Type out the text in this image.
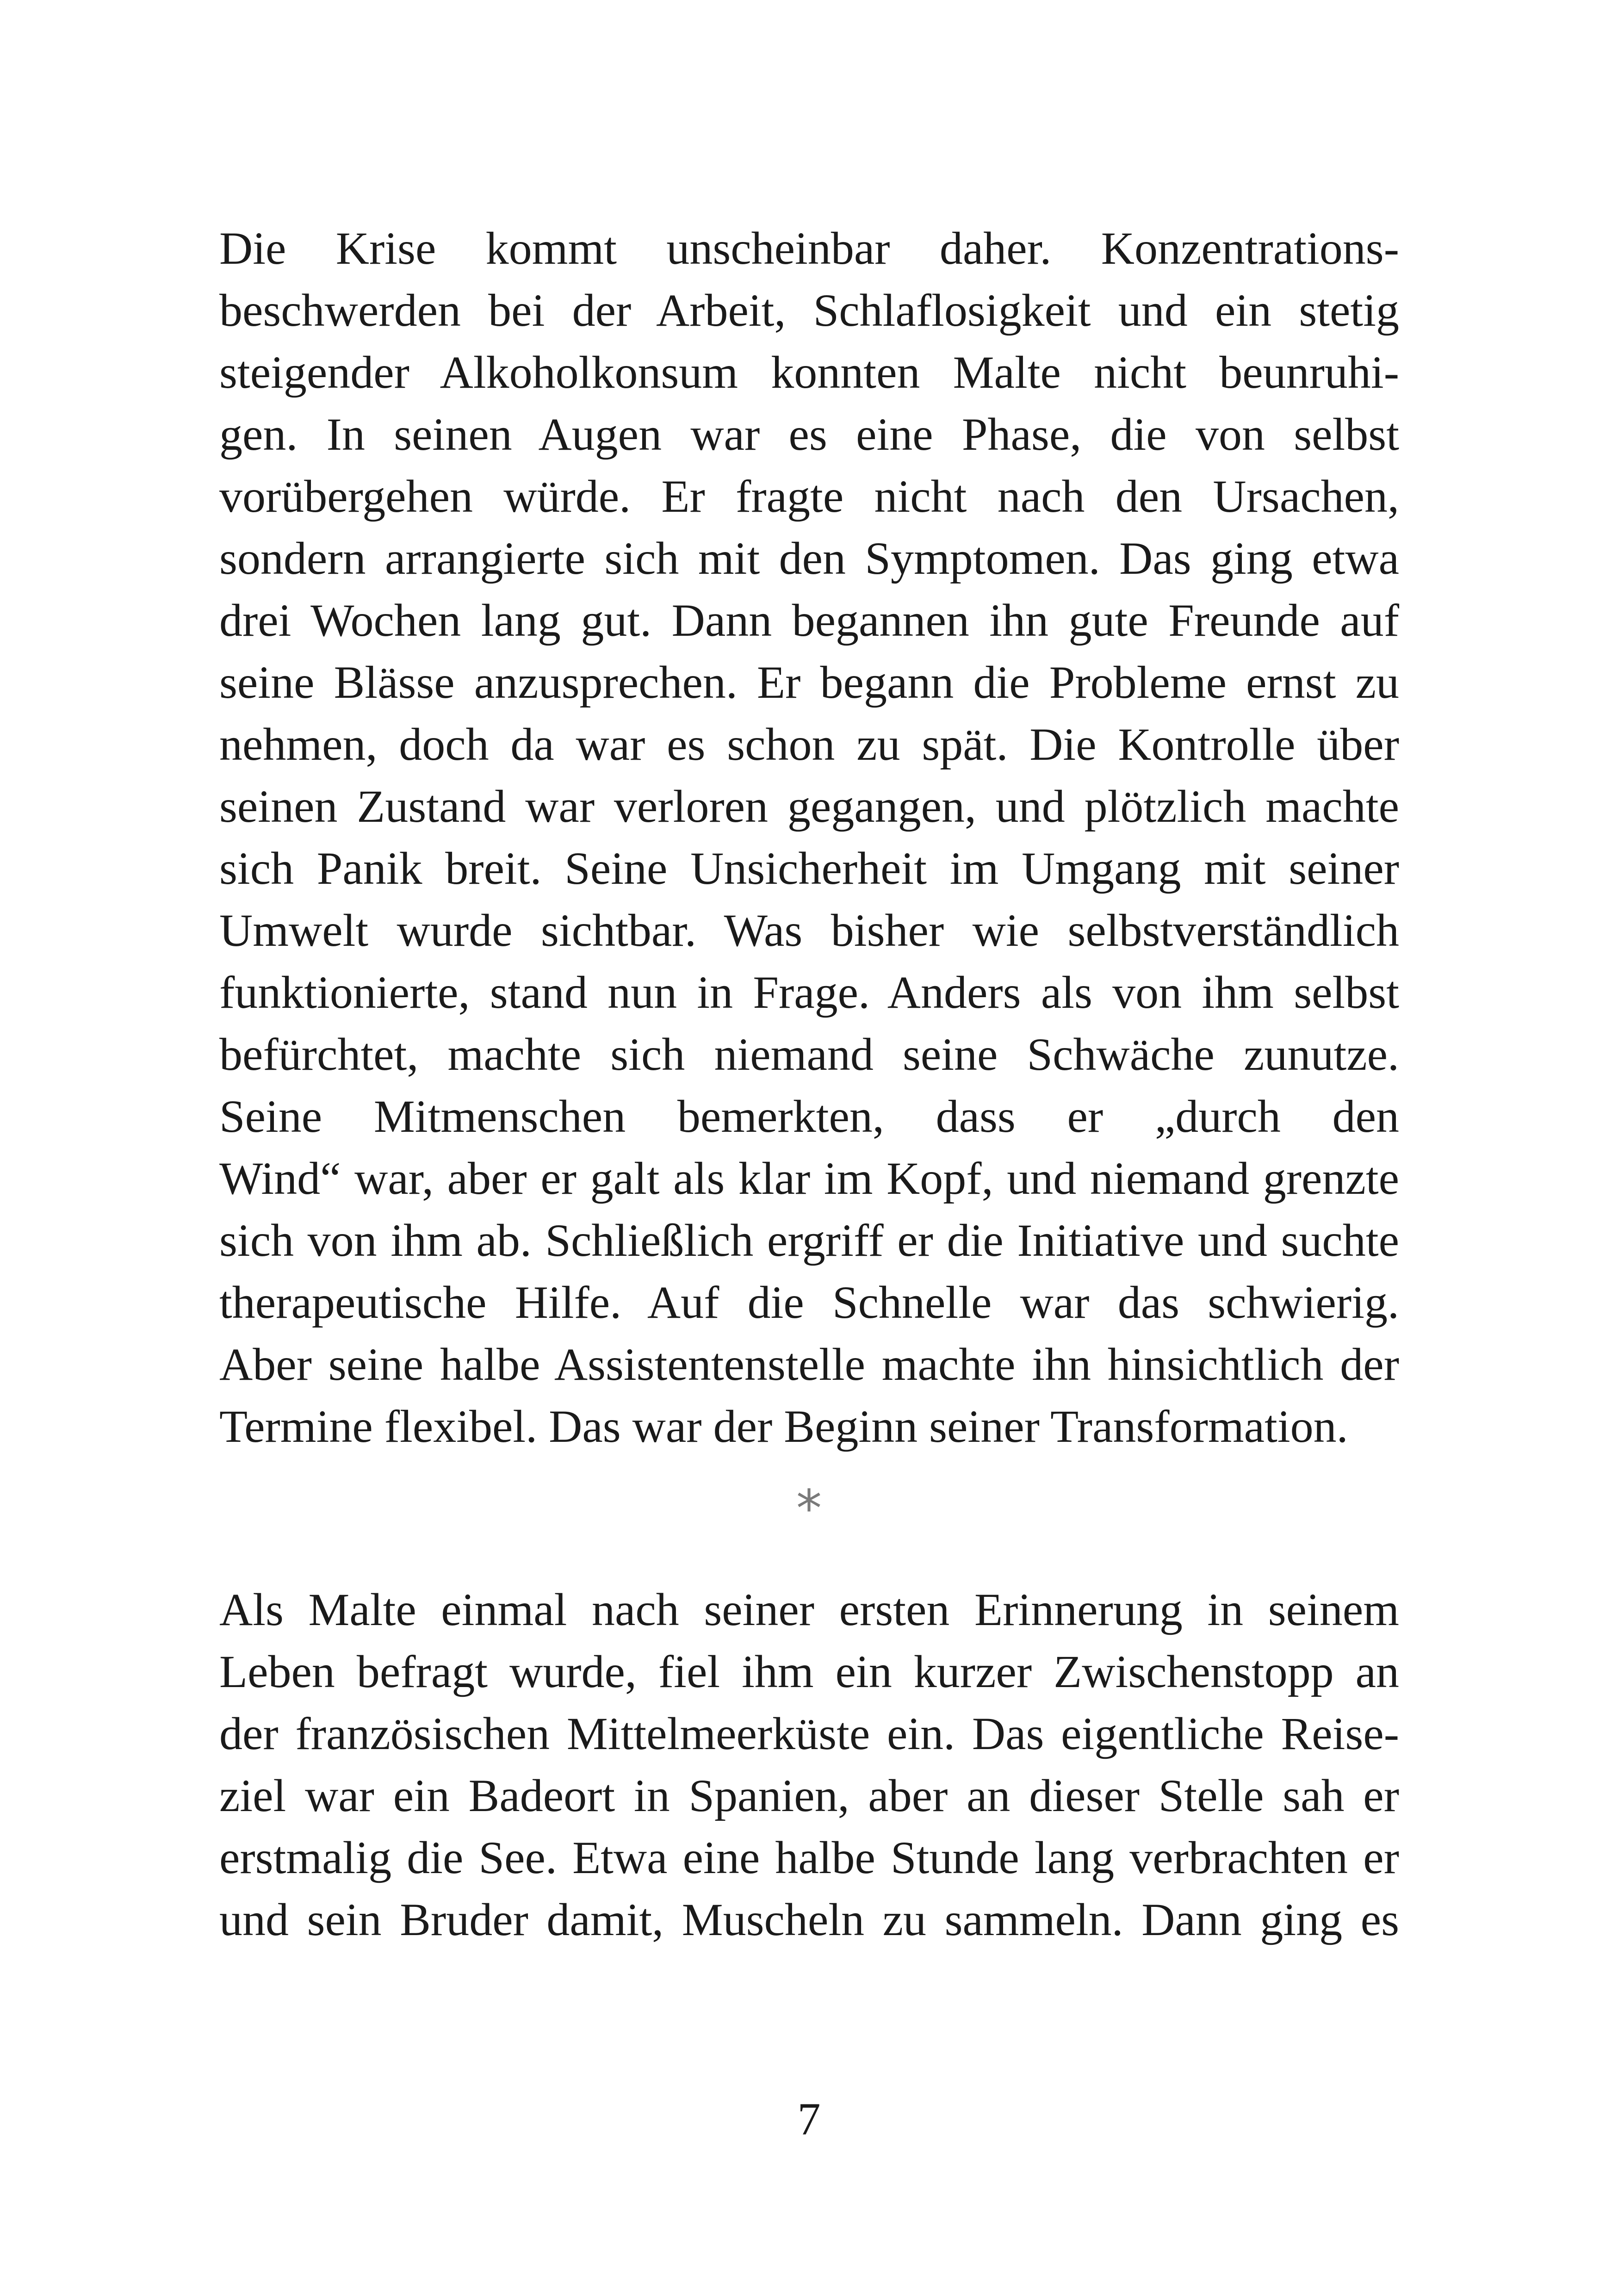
Die Krise kommt unscheinbar daher. Konzentrations-
beschwerden bei der Arbeit, Schlaflosigkeit und ein stetig
steigender Alkoholkonsum konnten Malte nicht beunruhi-
gen. In seinen Augen war es eine Phase, die von selbst
vorübergehen würde. Er fragte nicht nach den Ursachen,
sondern arrangierte sich mit den Symptomen. Das ging etwa
drei Wochen lang gut. Dann begannen ihn gute Freunde auf
seine Blässe anzusprechen. Er begann die Probleme ernst zu
nehmen, doch da war es schon zu spät. Die Kontrolle über
seinen Zustand war verloren gegangen, und plötzlich machte
sich Panik breit. Seine Unsicherheit im Umgang mit seiner
Umwelt wurde sichtbar. Was bisher wie selbstverständlich
funktionierte, stand nun in Frage. Anders als von ihm selbst
befürchtet, machte sich niemand seine Schwäche zunutze.
Seine Mitmenschen bemerkten, dass er „durch den
Wind“ war, aber er galt als klar im Kopf, und niemand grenzte
sich von ihm ab. Schließlich ergriff er die Initiative und suchte
therapeutische Hilfe. Auf die Schnelle war das schwierig.
Aber seine halbe Assistentenstelle machte ihn hinsichtlich der
Termine flexibel. Das war der Beginn seiner Transformation.
*
Als Malte einmal nach seiner ersten Erinnerung in seinem
Leben befragt wurde, fiel ihm ein kurzer Zwischenstopp an
der französischen Mittelmeerküste ein. Das eigentliche Reise-
ziel war ein Badeort in Spanien, aber an dieser Stelle sah er
erstmalig die See. Etwa eine halbe Stunde lang verbrachten er
und sein Bruder damit, Muscheln zu sammeln. Dann ging es
7
